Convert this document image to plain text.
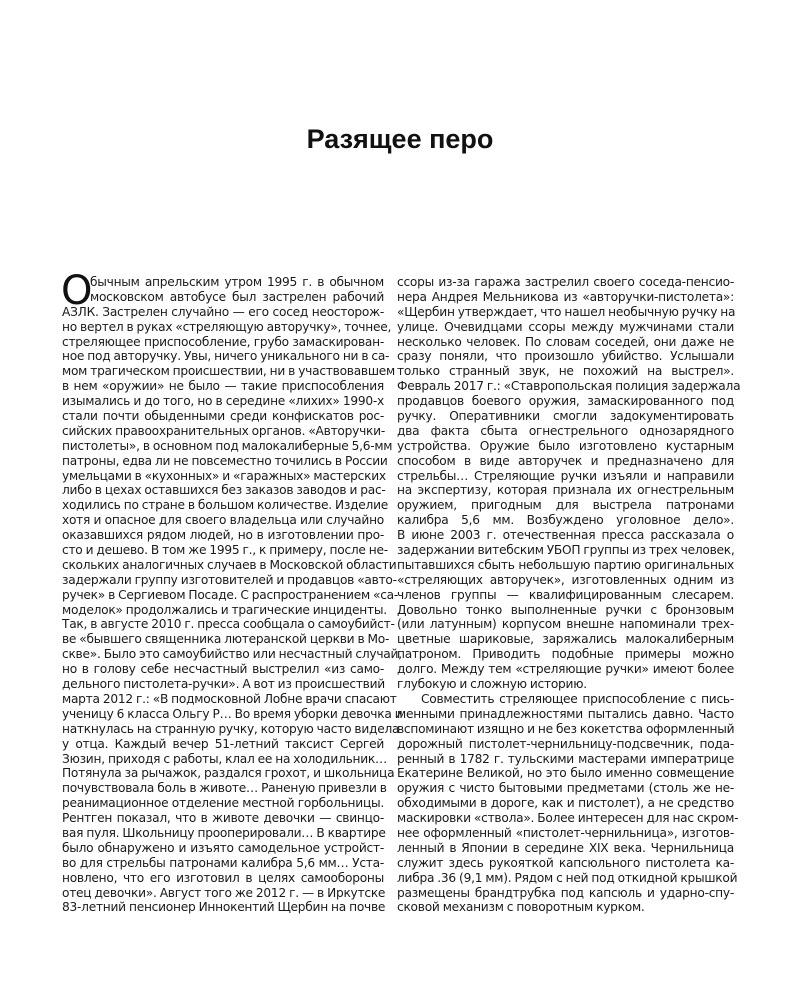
Разящее перо
О
бычным апрельским утром 1995 г. в обычном
московском автобусе был застрелен рабочий
АЗЛК. Застрелен случайно — его сосед неосторож-
но вертел в руках «стреляющую авторучку», точнее,
стреляющее приспособление, грубо замаскирован-
ное под авторучку. Увы, ничего уникального ни в са-
мом трагическом происшествии, ни в участвовавшем
в нем «оружии» не было — такие приспособления
изымались и до того, но в середине «лихих» 1990-х
стали почти обыденными среди конфискатов рос-
сийских правоохранительных органов. «Авторучки-
пистолеты», в основном под малокалиберные 5,6-мм
патроны, едва ли не повсеместно точились в России
умельцами в «кухонных» и «гаражных» мастерских
либо в цехах оставшихся без заказов заводов и рас-
ходились по стране в большом количестве. Изделие
хотя и опасное для своего владельца или случайно
оказавшихся рядом людей, но в изготовлении про-
сто и дешево. В том же 1995 г., к примеру, после не-
скольких аналогичных случаев в Московской области
задержали группу изготовителей и продавцов «авто-
ручек» в Сергиевом Посаде. С распространением «са-
моделок» продолжались и трагические инциденты.
Так, в августе 2010 г. пресса сообщала о самоубийст-
ве «бывшего священника лютеранской церкви в Мо-
скве». Было это самоубийство или несчастный случай,
но в голову себе несчастный выстрелил «из само-
дельного пистолета-ручки». А вот из происшествий
марта 2012 г.: «В подмосковной Лобне врачи спасают
ученицу 6 класса Ольгу Р… Во время уборки девочка и
наткнулась на странную ручку, которую часто видела
у отца. Каждый вечер 51-летний таксист Сергей
Зюзин, приходя с работы, клал ее на холодильник…
Потянула за рычажок, раздался грохот, и школьница
почувствовала боль в животе… Раненую привезли в
реанимационное отделение местной горбольницы.
Рентген показал, что в животе девочки — свинцо-
вая пуля. Школьницу прооперировали… В квартире
было обнаружено и изъято самодельное устройст-
во для стрельбы патронами калибра 5,6 мм… Уста-
новлено, что его изготовил в целях самообороны
отец девочки». Август того же 2012 г. — в Иркутске
83-летний пенсионер Иннокентий Щербин на почве
ссоры из-за гаража застрелил своего соседа-пенсио-
нера Андрея Мельникова из «авторучки-пистолета»:
«Щербин утверждает, что нашел необычную ручку на
улице. Очевидцами ссоры между мужчинами стали
несколько человек. По словам соседей, они даже не
сразу поняли, что произошло убийство. Услышали
только странный звук, не похожий на выстрел».
Февраль 2017 г.: «Ставропольская полиция задержала
продавцов боевого оружия, замаскированного под
ручку. Оперативники смогли задокументировать
два факта сбыта огнестрельного однозарядного
устройства. Оружие было изготовлено кустарным
способом в виде авторучек и предназначено для
стрельбы… Стреляющие ручки изъяли и направили
на экспертизу, которая признала их огнестрельным
оружием, пригодным для выстрела патронами
калибра 5,6 мм. Возбуждено уголовное дело».
В июне 2003 г. отечественная пресса рассказала о
задержании витебским УБОП группы из трех человек,
пытавшихся сбыть небольшую партию оригинальных
«стреляющих авторучек», изготовленных одним из
членов группы — квалифицированным слесарем.
Довольно тонко выполненные ручки с бронзовым
(или латунным) корпусом внешне напоминали трех-
цветные шариковые, заряжались малокалиберным
патроном. Приводить подобные примеры можно
долго. Между тем «стреляющие ручки» имеют более
глубокую и сложную историю.
Совместить стреляющее приспособление с пись-
менными принадлежностями пытались давно. Часто
вспоминают изящно и не без кокетства оформленный
дорожный пистолет-чернильницу-подсвечник, пода-
ренный в 1782 г. тульскими мастерами императрице
Екатерине Великой, но это было именно совмещение
оружия с чисто бытовыми предметами (столь же не-
обходимыми в дороге, как и пистолет), а не средство
маскировки «ствола». Более интересен для нас скром-
нее оформленный «пистолет-чернильница», изготов-
ленный в Японии в середине XIX века. Чернильница
служит здесь рукояткой капсюльного пистолета ка-
либра .36 (9,1 мм). Рядом с ней под откидной крышкой
размещены брандтрубка под капсюль и ударно-спу-
сковой механизм с поворотным курком.
